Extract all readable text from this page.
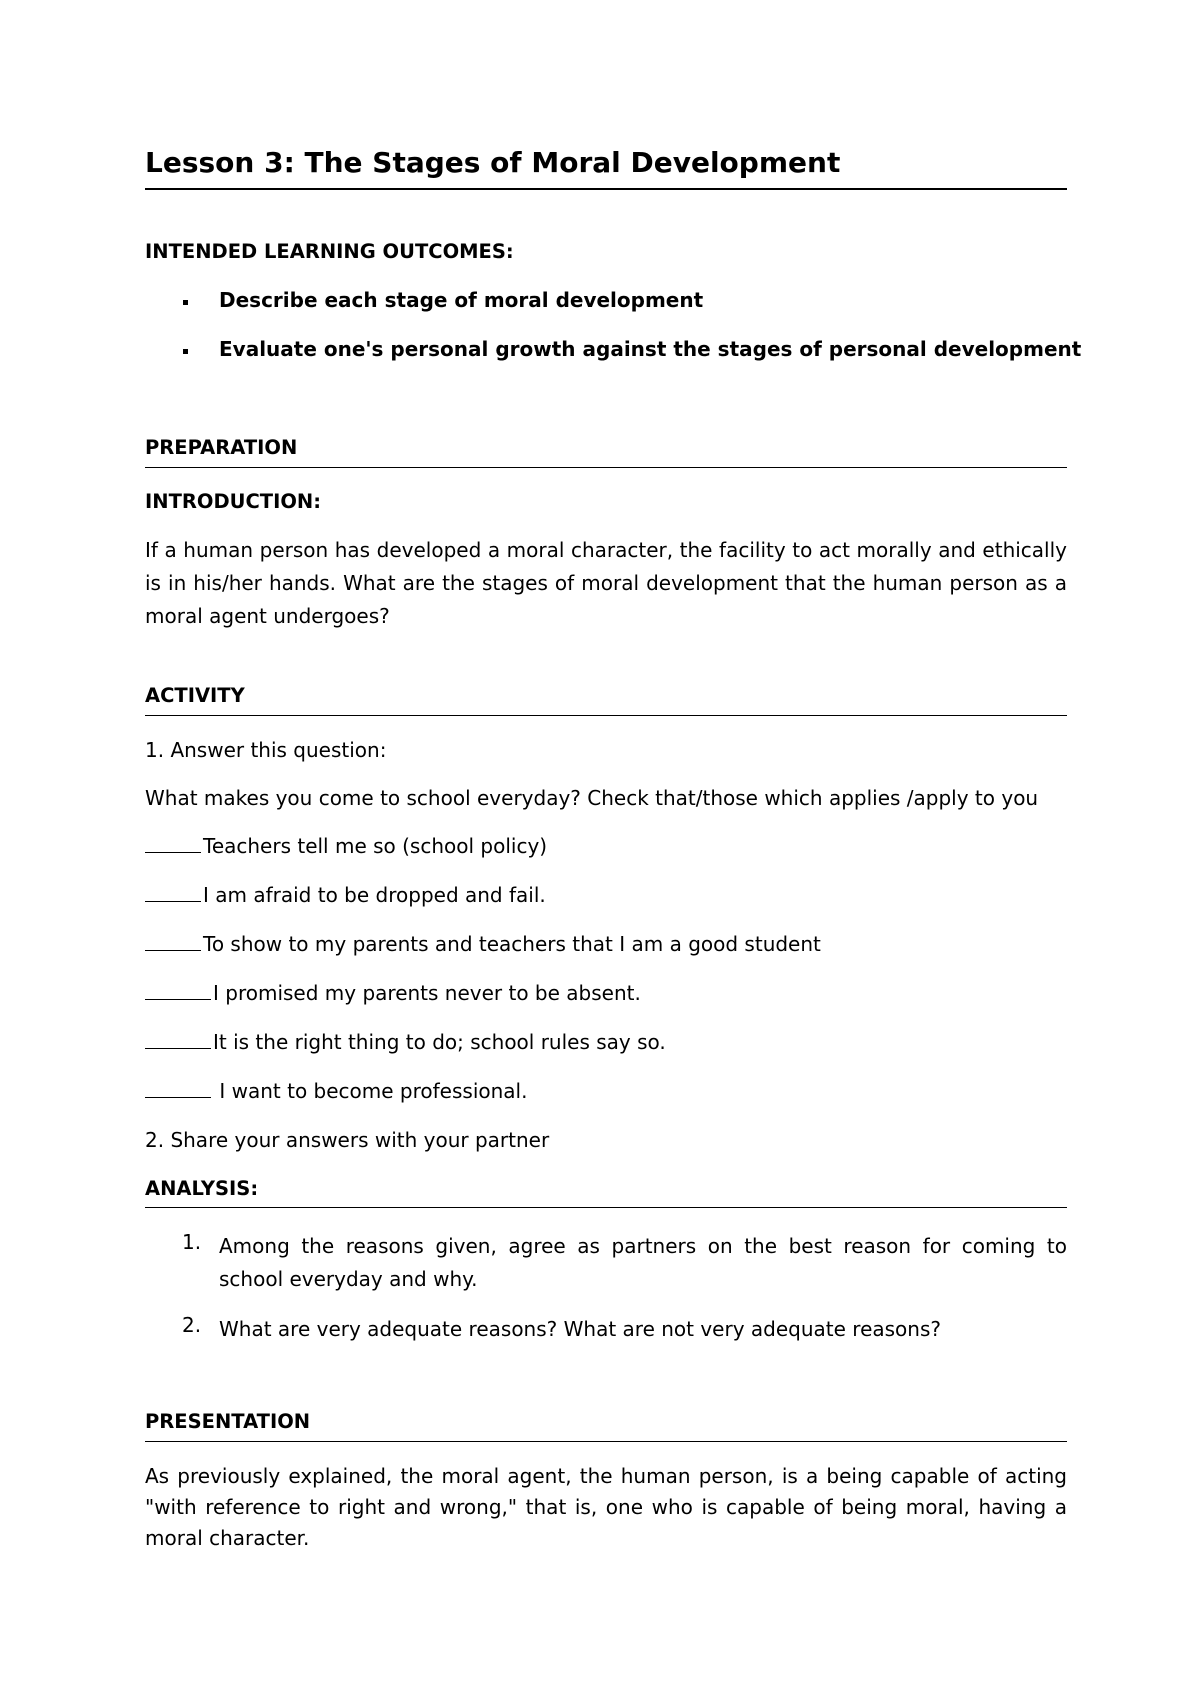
Lesson 3: The Stages of Moral Development
INTENDED LEARNING OUTCOMES:
Describe each stage of moral development
Evaluate one's personal growth against the stages of personal development
PREPARATION
INTRODUCTION:
If a human person has developed a moral character, the facility to act morally and ethically is in his/her hands. What are the stages of moral development that the human person as a moral agent undergoes?
ACTIVITY
1. Answer this question:
What makes you come to school everyday? Check that/those which applies /apply to you
Teachers tell me so (school policy)
I am afraid to be dropped and fail.
To show to my parents and teachers that I am a good student
I promised my parents never to be absent.
It is the right thing to do; school rules say so.
I want to become professional.
2. Share your answers with your partner
ANALYSIS:
1. Among the reasons given, agree as partners on the best reason for coming to school everyday and why.
2. What are very adequate reasons? What are not very adequate reasons?
PRESENTATION
As previously explained, the moral agent, the human person, is a being capable of acting "with reference to right and wrong," that is, one who is capable of being moral, having a moral character.
